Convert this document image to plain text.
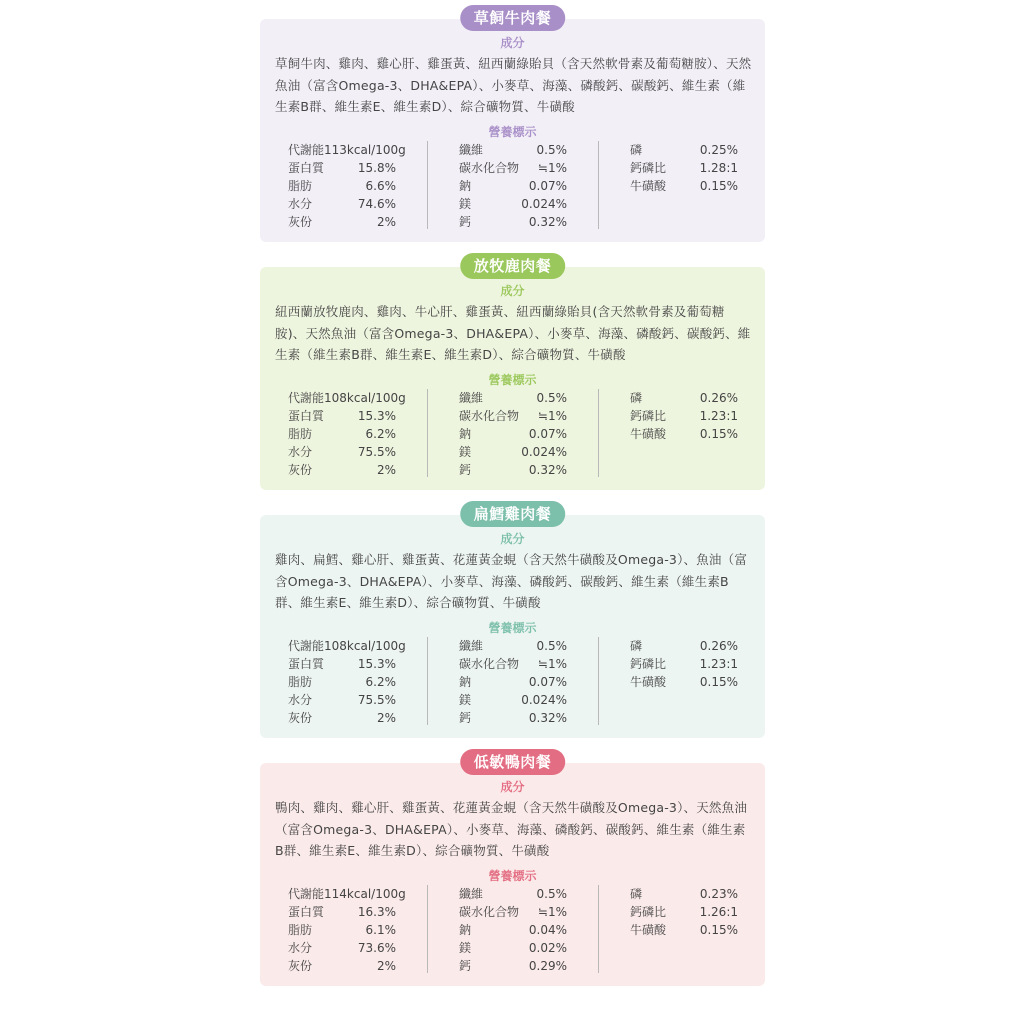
草飼牛肉餐
成分
草飼牛肉、雞肉、雞心肝、雞蛋黃、紐西蘭綠貽貝（含天然軟骨素及葡萄糖胺）、天然魚油（富含Omega-3、DHA&EPA）、小麥草、海藻、磷酸鈣、碳酸鈣、維生素（維生素B群、維生素E、維生素D）、綜合礦物質、牛磺酸
營養標示
代謝能 113kcal/100g
蛋白質	15.8%
脂肪	6.6%
水分	74.6%
灰份	2%
纖維	0.5%
碳水化合物 ≒1%
鈉	0.07%
鎂	0.024%
鈣	0.32%
磷	0.25%
鈣磷比	1.28:1
牛磺酸	0.15%
放牧鹿肉餐
成分
紐西蘭放牧鹿肉、雞肉、牛心肝、雞蛋黃、紐西蘭綠貽貝(含天然軟骨素及葡萄糖胺)、天然魚油（富含Omega-3、DHA&EPA）、小麥草、海藻、磷酸鈣、碳酸鈣、維生素（維生素B群、維生素E、維生素D）、綜合礦物質、牛磺酸
營養標示
代謝能 108kcal/100g
蛋白質	15.3%
脂肪	6.2%
水分	75.5%
灰份	2%
纖維	0.5%
碳水化合物 ≒1%
鈉	0.07%
鎂	0.024%
鈣	0.32%
磷	0.26%
鈣磷比	1.23:1
牛磺酸	0.15%
扁鱈雞肉餐
成分
雞肉、扁鱈、雞心肝、雞蛋黃、花蓮黃金蜆（含天然牛磺酸及Omega-3）、魚油（富含Omega-3、DHA&EPA）、小麥草、海藻、磷酸鈣、碳酸鈣、維生素（維生素B群、維生素E、維生素D）、綜合礦物質、牛磺酸
營養標示
代謝能 108kcal/100g
蛋白質	15.3%
脂肪	6.2%
水分	75.5%
灰份	2%
纖維	0.5%
碳水化合物 ≒1%
鈉	0.07%
鎂	0.024%
鈣	0.32%
磷	0.26%
鈣磷比	1.23:1
牛磺酸	0.15%
低敏鴨肉餐
成分
鴨肉、雞肉、雞心肝、雞蛋黃、花蓮黃金蜆（含天然牛磺酸及Omega-3）、天然魚油（富含Omega-3、DHA&EPA）、小麥草、海藻、磷酸鈣、碳酸鈣、維生素（維生素B群、維生素E、維生素D）、綜合礦物質、牛磺酸
營養標示
代謝能 114kcal/100g
蛋白質	16.3%
脂肪	6.1%
水分	73.6%
灰份	2%
纖維	0.5%
碳水化合物 ≒1%
鈉	0.04%
鎂	0.02%
鈣	0.29%
磷	0.23%
鈣磷比	1.26:1
牛磺酸	0.15%
